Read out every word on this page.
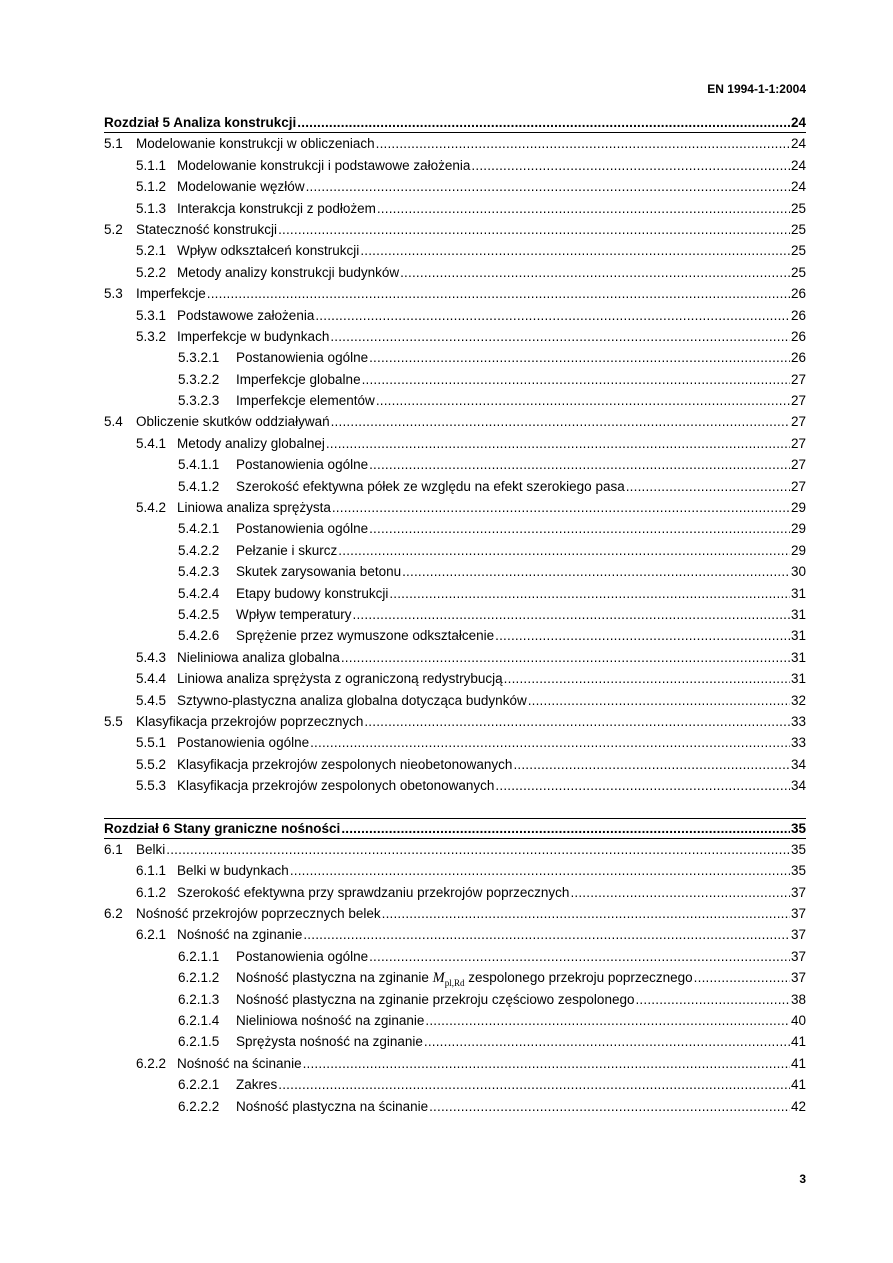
EN 1994-1-1:2004
Rozdział 5 Analiza konstrukcji .....	24
5.1 Modelowanie konstrukcji w obliczeniach .....	24
5.1.1 Modelowanie konstrukcji i podstawowe założenia .....	24
5.1.2 Modelowanie węzłów .....	24
5.1.3 Interakcja konstrukcji z podłożem .....	25
5.2 Stateczność konstrukcji .....	25
5.2.1 Wpływ odkształceń konstrukcji .....	25
5.2.2 Metody analizy konstrukcji budynków .....	25
5.3 Imperfekcje .....	26
5.3.1 Podstawowe założenia .....	26
5.3.2 Imperfekcje w budynkach .....	26
5.3.2.1	Postanowienia ogólne .....	26
5.3.2.2	Imperfekcje globalne .....	27
5.3.2.3	Imperfekcje elementów .....	27
5.4 Obliczenie skutków oddziaływań .....	27
5.4.1 Metody analizy globalnej .....	27
5.4.1.1	Postanowienia ogólne .....	27
5.4.1.2	Szerokość efektywna półek ze względu na efekt szerokiego pasa .....	27
5.4.2 Liniowa analiza sprężysta .....	29
5.4.2.1	Postanowienia ogólne .....	29
5.4.2.2	Pełzanie i skurcz .....	29
5.4.2.3	Skutek zarysowania betonu .....	30
5.4.2.4	Etapy budowy konstrukcji .....	31
5.4.2.5	Wpływ temperatury .....	31
5.4.2.6	Sprężenie przez wymuszone odkształcenie .....	31
5.4.3 Nieliniowa analiza globalna .....	31
5.4.4 Liniowa analiza sprężysta z ograniczoną redystrybucją .....	31
5.4.5 Sztywno-plastyczna analiza globalna dotycząca budynków .....	32
5.5 Klasyfikacja przekrojów poprzecznych .....	33
5.5.1 Postanowienia ogólne .....	33
5.5.2 Klasyfikacja przekrojów zespolonych nieobetonowanych .....	34
5.5.3 Klasyfikacja przekrojów zespolonych obetonowanych .....	34
Rozdział 6 Stany graniczne nośności .....	35
6.1 Belki .....	35
6.1.1 Belki w budynkach .....	35
6.1.2 Szerokość efektywna przy sprawdzaniu przekrojów poprzecznych .....	37
6.2 Nośność przekrojów poprzecznych belek .....	37
6.2.1 Nośność na zginanie .....	37
6.2.1.1	Postanowienia ogólne .....	37
6.2.1.2	Nośność plastyczna na zginanie $M_{pl,Rd}$ zespolonego przekroju poprzecznego .....	37
6.2.1.3	Nośność plastyczna na zginanie przekroju częściowo zespolonego .....	38
6.2.1.4	Nieliniowa nośność na zginanie .....	40
6.2.1.5	Sprężysta nośność na zginanie .....	41
6.2.2 Nośność na ścinanie .....	41
6.2.2.1	Zakres .....	41
6.2.2.2	Nośność plastyczna na ścinanie .....	42
3
